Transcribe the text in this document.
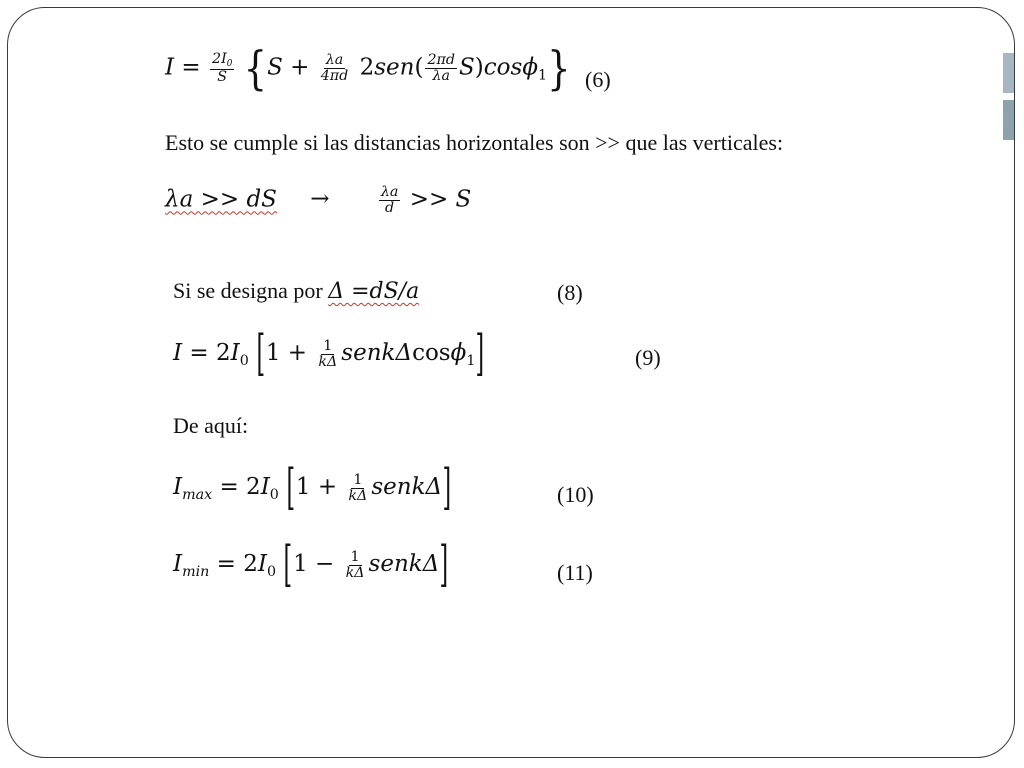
$I = \frac{2I_0}{S} \{S + \frac{\lambda a}{4\pi d} 2sen( \frac{2\pi d}{\lambda a} S)\cos\phi_1\}$ (6)
Esto se cumple si las distancias horizontales son >> que las verticales:
λa >> dS →	$\frac{\lambda a}{d} >> S$
Si se designa por Δ =dS/a	(8)
$I = 2I_0$ [$1 + \frac{1}{k\Delta}$ senkΔcosϕ$_1$]	(9)
De aquí:
$I_{max} = 2I_0$ [$1 + \frac{1}{k\Delta}$ senkΔ]	(10)
$I_{min} = 2I_0$ [$1 - \frac{1}{k\Delta}$ senkΔ]	(11)
